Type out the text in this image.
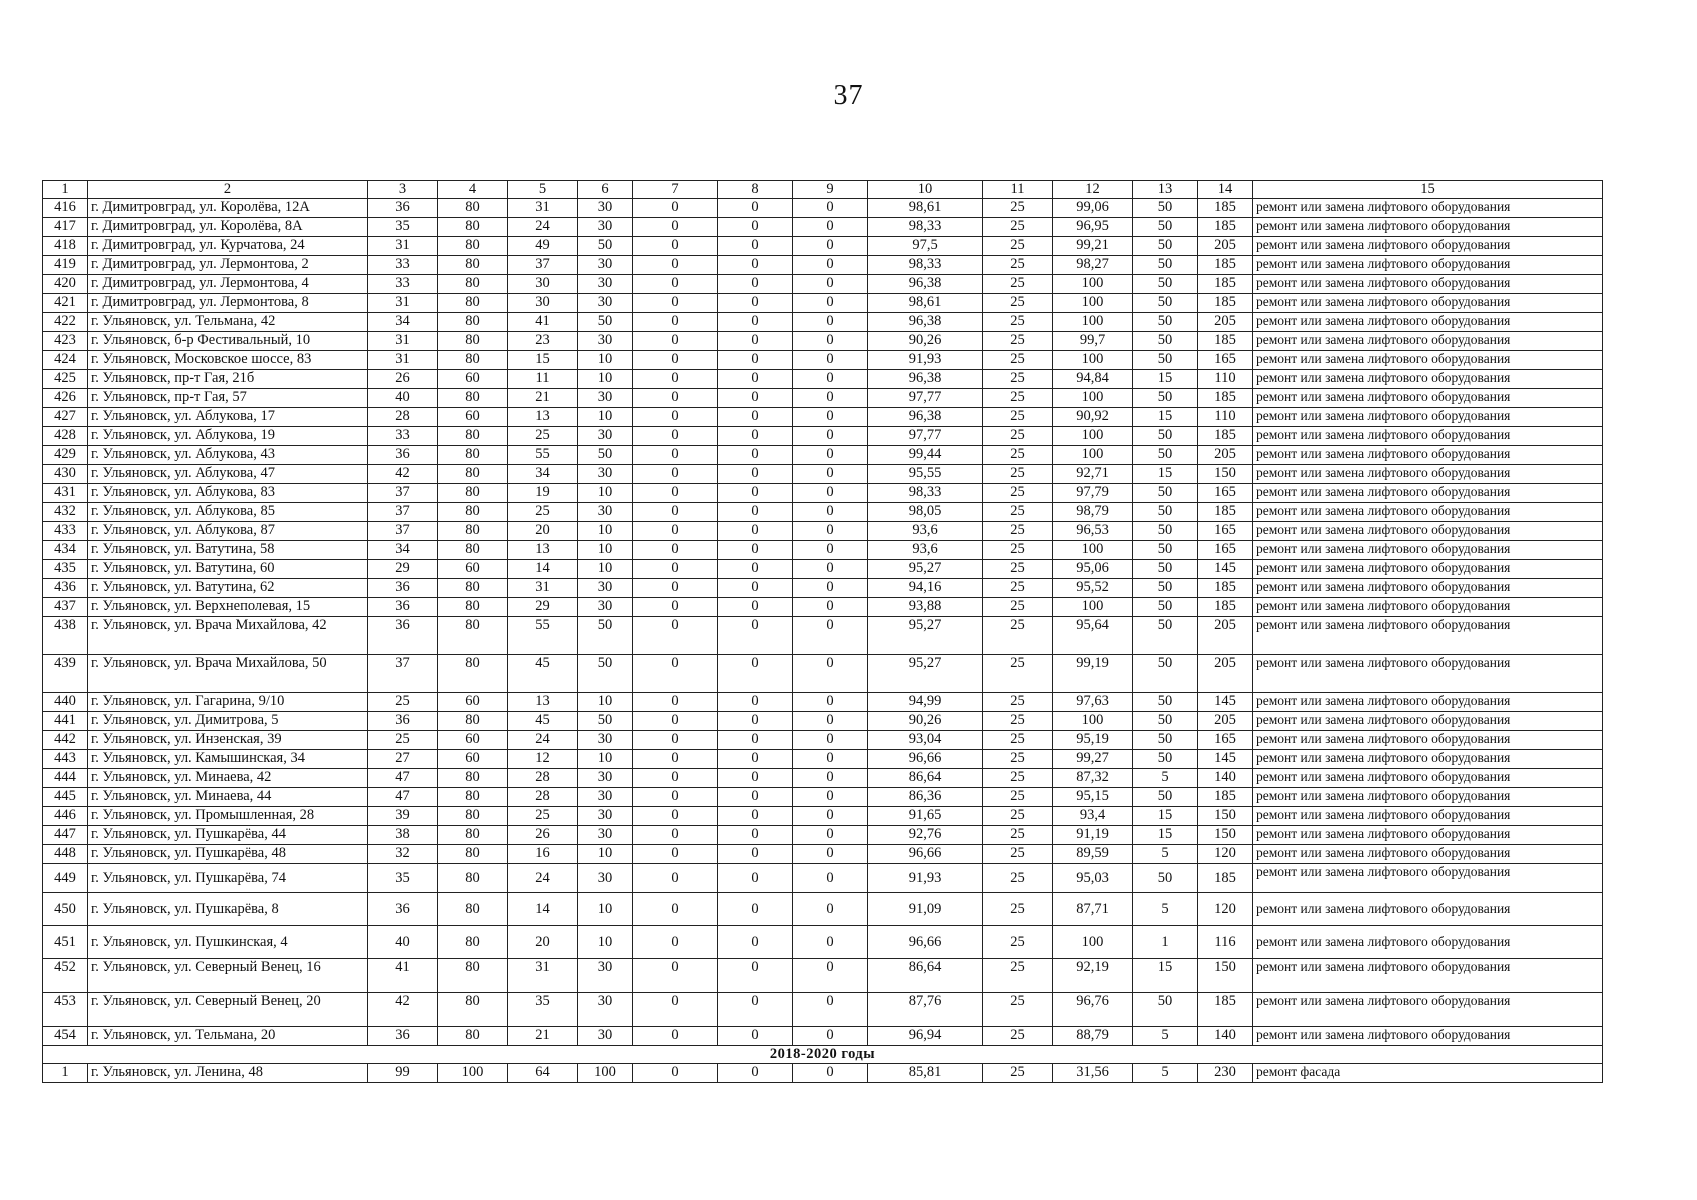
37
1	2	3	4	5	6	7	8	9	10	11	12	13	14	15
416	г. Димитровград, ул. Королёва, 12А	36	80	31	30	0	0	0	98,61	25	99,06	50	185	ремонт или замена лифтового оборудования
417	г. Димитровград, ул. Королёва, 8А	35	80	24	30	0	0	0	98,33	25	96,95	50	185	ремонт или замена лифтового оборудования
418	г. Димитровград, ул. Курчатова, 24	31	80	49	50	0	0	0	97,5	25	99,21	50	205	ремонт или замена лифтового оборудования
419	г. Димитровград, ул. Лермонтова, 2	33	80	37	30	0	0	0	98,33	25	98,27	50	185	ремонт или замена лифтового оборудования
420	г. Димитровград, ул. Лермонтова, 4	33	80	30	30	0	0	0	96,38	25	100	50	185	ремонт или замена лифтового оборудования
421	г. Димитровград, ул. Лермонтова, 8	31	80	30	30	0	0	0	98,61	25	100	50	185	ремонт или замена лифтового оборудования
422	г. Ульяновск, ул. Тельмана, 42	34	80	41	50	0	0	0	96,38	25	100	50	205	ремонт или замена лифтового оборудования
423	г. Ульяновск, б-р Фестивальный, 10	31	80	23	30	0	0	0	90,26	25	99,7	50	185	ремонт или замена лифтового оборудования
424	г. Ульяновск, Московское шоссе, 83	31	80	15	10	0	0	0	91,93	25	100	50	165	ремонт или замена лифтового оборудования
425	г. Ульяновск, пр-т Гая, 21б	26	60	11	10	0	0	0	96,38	25	94,84	15	110	ремонт или замена лифтового оборудования
426	г. Ульяновск, пр-т Гая, 57	40	80	21	30	0	0	0	97,77	25	100	50	185	ремонт или замена лифтового оборудования
427	г. Ульяновск, ул. Аблукова, 17	28	60	13	10	0	0	0	96,38	25	90,92	15	110	ремонт или замена лифтового оборудования
428	г. Ульяновск, ул. Аблукова, 19	33	80	25	30	0	0	0	97,77	25	100	50	185	ремонт или замена лифтового оборудования
429	г. Ульяновск, ул. Аблукова, 43	36	80	55	50	0	0	0	99,44	25	100	50	205	ремонт или замена лифтового оборудования
430	г. Ульяновск, ул. Аблукова, 47	42	80	34	30	0	0	0	95,55	25	92,71	15	150	ремонт или замена лифтового оборудования
431	г. Ульяновск, ул. Аблукова, 83	37	80	19	10	0	0	0	98,33	25	97,79	50	165	ремонт или замена лифтового оборудования
432	г. Ульяновск, ул. Аблукова, 85	37	80	25	30	0	0	0	98,05	25	98,79	50	185	ремонт или замена лифтового оборудования
433	г. Ульяновск, ул. Аблукова, 87	37	80	20	10	0	0	0	93,6	25	96,53	50	165	ремонт или замена лифтового оборудования
434	г. Ульяновск, ул. Ватутина, 58	34	80	13	10	0	0	0	93,6	25	100	50	165	ремонт или замена лифтового оборудования
435	г. Ульяновск, ул. Ватутина, 60	29	60	14	10	0	0	0	95,27	25	95,06	50	145	ремонт или замена лифтового оборудования
436	г. Ульяновск, ул. Ватутина, 62	36	80	31	30	0	0	0	94,16	25	95,52	50	185	ремонт или замена лифтового оборудования
437	г. Ульяновск, ул. Верхнеполевая, 15	36	80	29	30	0	0	0	93,88	25	100	50	185	ремонт или замена лифтового оборудования
438	г. Ульяновск, ул. Врача Михайлова, 42	36	80	55	50	0	0	0	95,27	25	95,64	50	205	ремонт или замена лифтового оборудования
439	г. Ульяновск, ул. Врача Михайлова, 50	37	80	45	50	0	0	0	95,27	25	99,19	50	205	ремонт или замена лифтового оборудования
440	г. Ульяновск, ул. Гагарина, 9/10	25	60	13	10	0	0	0	94,99	25	97,63	50	145	ремонт или замена лифтового оборудования
441	г. Ульяновск, ул. Димитрова, 5	36	80	45	50	0	0	0	90,26	25	100	50	205	ремонт или замена лифтового оборудования
442	г. Ульяновск, ул. Инзенская, 39	25	60	24	30	0	0	0	93,04	25	95,19	50	165	ремонт или замена лифтового оборудования
443	г. Ульяновск, ул. Камышинская, 34	27	60	12	10	0	0	0	96,66	25	99,27	50	145	ремонт или замена лифтового оборудования
444	г. Ульяновск, ул. Минаева, 42	47	80	28	30	0	0	0	86,64	25	87,32	5	140	ремонт или замена лифтового оборудования
445	г. Ульяновск, ул. Минаева, 44	47	80	28	30	0	0	0	86,36	25	95,15	50	185	ремонт или замена лифтового оборудования
446	г. Ульяновск, ул. Промышленная, 28	39	80	25	30	0	0	0	91,65	25	93,4	15	150	ремонт или замена лифтового оборудования
447	г. Ульяновск, ул. Пушкарёва, 44	38	80	26	30	0	0	0	92,76	25	91,19	15	150	ремонт или замена лифтового оборудования
448	г. Ульяновск, ул. Пушкарёва, 48	32	80	16	10	0	0	0	96,66	25	89,59	5	120	ремонт или замена лифтового оборудования
449	г. Ульяновск, ул. Пушкарёва, 74	35	80	24	30	0	0	0	91,93	25	95,03	50	185	ремонт или замена лифтового оборудования
450	г. Ульяновск, ул. Пушкарёва, 8	36	80	14	10	0	0	0	91,09	25	87,71	5	120	ремонт или замена лифтового оборудования
451	г. Ульяновск, ул. Пушкинская, 4	40	80	20	10	0	0	0	96,66	25	100	1	116	ремонт или замена лифтового оборудования
452	г. Ульяновск, ул. Северный Венец, 16	41	80	31	30	0	0	0	86,64	25	92,19	15	150	ремонт или замена лифтового оборудования
453	г. Ульяновск, ул. Северный Венец, 20	42	80	35	30	0	0	0	87,76	25	96,76	50	185	ремонт или замена лифтового оборудования
454	г. Ульяновск, ул. Тельмана, 20	36	80	21	30	0	0	0	96,94	25	88,79	5	140	ремонт или замена лифтового оборудования
2018-2020 годы														
1	г. Ульяновск, ул. Ленина, 48	99	100	64	100	0	0	0	85,81	25	31,56	5	230	ремонт фасада
